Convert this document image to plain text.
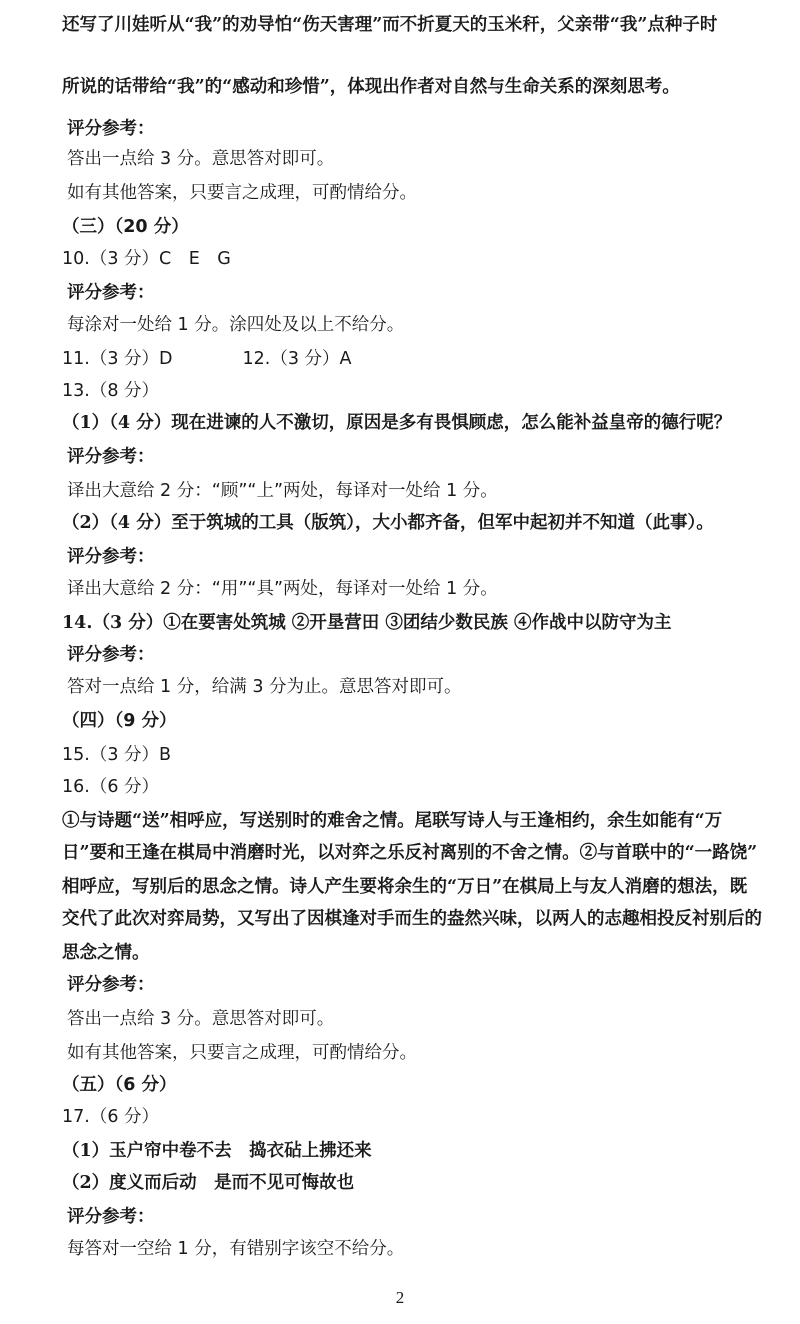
还写了川娃听从“我”的劝导怕“伤天害理”而不折夏天的玉米秆，父亲带“我”点种子时
所说的话带给“我”的“感动和珍惜”，体现出作者对自然与生命关系的深刻思考。
评分参考：
答出一点给 3 分。意思答对即可。
如有其他答案，只要言之成理，可酌情给分。
（三）（20 分）
10.（3 分）C　E　G
评分参考：
每涂对一处给 1 分。涂四处及以上不给分。
11.（3 分）D　　　　12.（3 分）A
13.（8 分）
（1）（4 分）现在进谏的人不激切，原因是多有畏惧顾虑，怎么能补益皇帝的德行呢？
评分参考：
译出大意给 2 分：“顾”“上”两处，每译对一处给 1 分。
（2）（4 分）至于筑城的工具（版筑），大小都齐备，但军中起初并不知道（此事）。
评分参考：
译出大意给 2 分：“用”“具”两处，每译对一处给 1 分。
14.（3 分）①在要害处筑城 ②开垦营田 ③团结少数民族 ④作战中以防守为主
评分参考：
答对一点给 1 分，给满 3 分为止。意思答对即可。
（四）（9 分）
15.（3 分）B
16.（6 分）
①与诗题“送”相呼应，写送别时的难舍之情。尾联写诗人与王逢相约，余生如能有“万
日”要和王逢在棋局中消磨时光，以对弈之乐反衬离别的不舍之情。②与首联中的“一路饶”
相呼应，写别后的思念之情。诗人产生要将余生的“万日”在棋局上与友人消磨的想法，既
交代了此次对弈局势，又写出了因棋逢对手而生的盎然兴味，以两人的志趣相投反衬别后的
思念之情。
评分参考：
答出一点给 3 分。意思答对即可。
如有其他答案，只要言之成理，可酌情给分。
（五）（6 分）
17.（6 分）
（1）玉户帘中卷不去　捣衣砧上拂还来
（2）度义而后动　是而不见可悔故也
评分参考：
每答对一空给 1 分，有错别字该空不给分。
2
